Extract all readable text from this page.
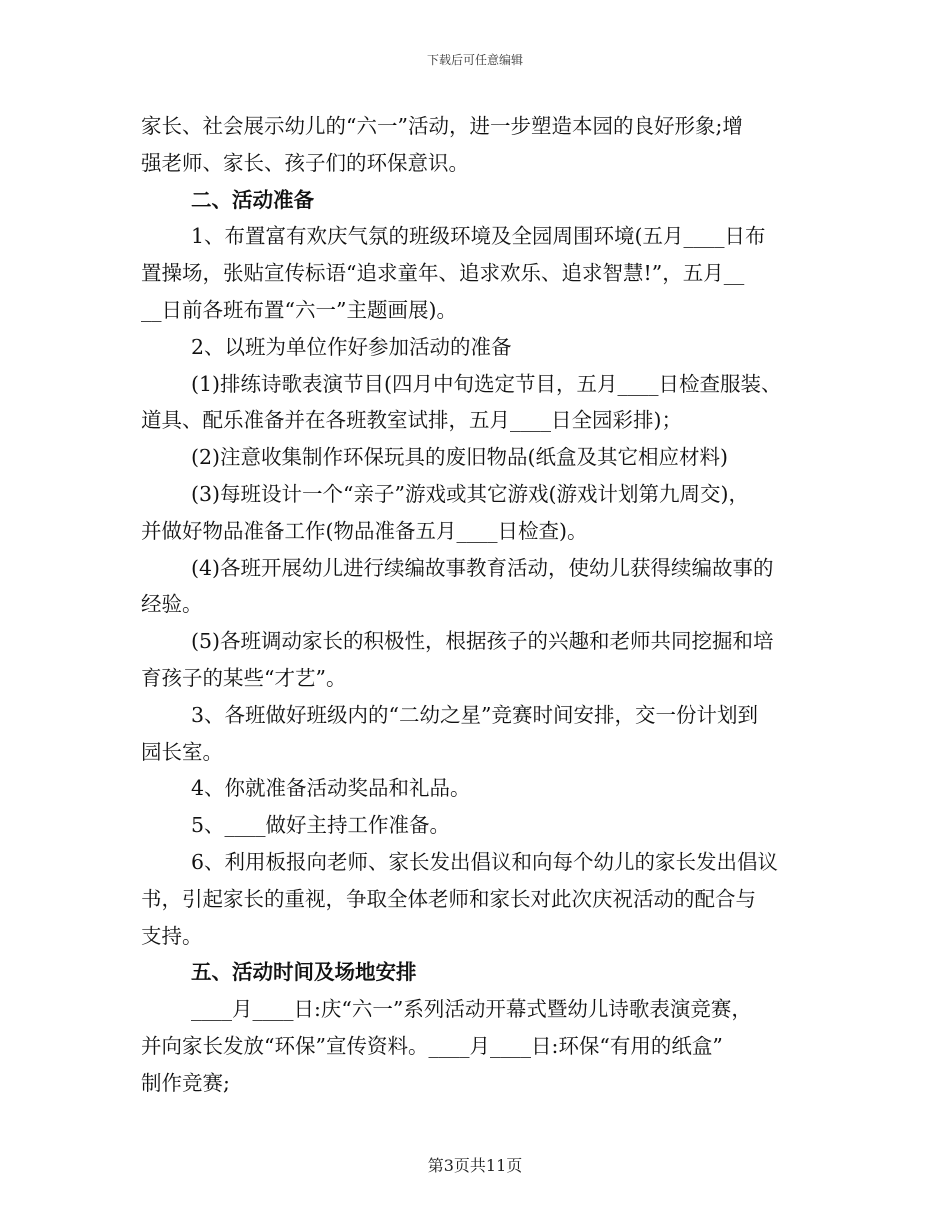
下载后可任意编辑
家长、社会展示幼儿的“六一”活动，进一步塑造本园的良好形象;增
强老师、家长、孩子们的环保意识。
二、活动准备
1、布置富有欢庆气氛的班级环境及全园周围环境(五月____日布
置操场，张贴宣传标语“追求童年、追求欢乐、追求智慧!”，五月__
__日前各班布置“六一”主题画展)。
2、以班为单位作好参加活动的准备
(1)排练诗歌表演节目(四月中旬选定节目，五月____日检查服装、
道具、配乐准备并在各班教室试排，五月____日全园彩排)；
(2)注意收集制作环保玩具的废旧物品(纸盒及其它相应材料)
(3)每班设计一个“亲子”游戏或其它游戏(游戏计划第九周交)，
并做好物品准备工作(物品准备五月____日检查)。
(4)各班开展幼儿进行续编故事教育活动，使幼儿获得续编故事的
经验。
(5)各班调动家长的积极性，根据孩子的兴趣和老师共同挖掘和培
育孩子的某些“才艺”。
3、各班做好班级内的“二幼之星”竞赛时间安排，交一份计划到
园长室。
4、你就准备活动奖品和礼品。
5、____做好主持工作准备。
6、利用板报向老师、家长发出倡议和向每个幼儿的家长发出倡议
书，引起家长的重视，争取全体老师和家长对此次庆祝活动的配合与
支持。
五、活动时间及场地安排
____月____日:庆“六一”系列活动开幕式暨幼儿诗歌表演竞赛，
并向家长发放“环保”宣传资料。____月____日:环保“有用的纸盒”
制作竞赛;
第3页共11页
